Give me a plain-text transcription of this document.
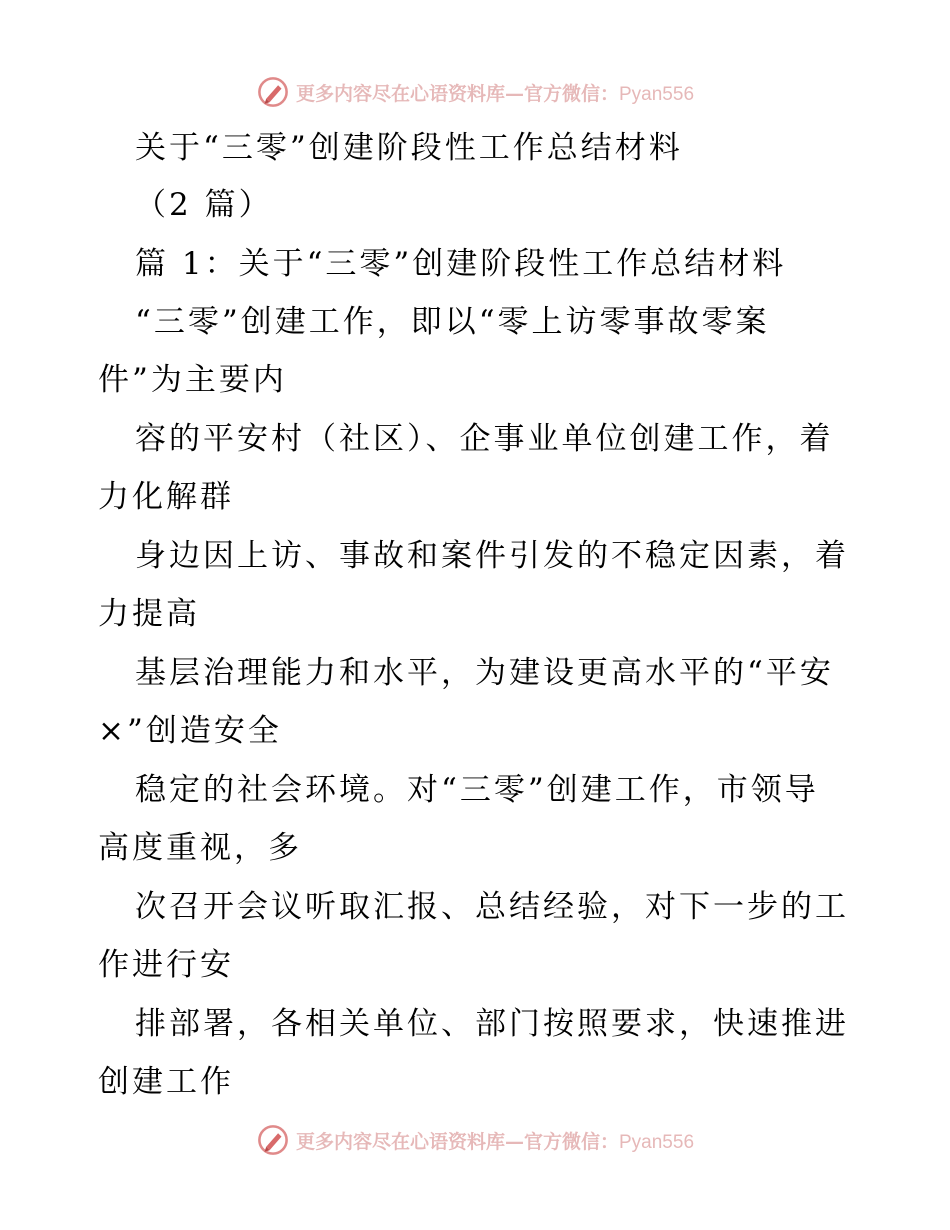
更多内容尽在心语资料库—官方微信：Pyan556
关于“三零”创建阶段性工作总结材料
（2 篇）
篇 1：关于“三零”创建阶段性工作总结材料
“三零”创建工作，即以“零上访零事故零案
件”为主要内
容的平安村（社区）、企事业单位创建工作，着
力化解群
身边因上访、事故和案件引发的不稳定因素，着
力提高
基层治理能力和水平，为建设更高水平的“平安
×”创造安全
稳定的社会环境。对“三零”创建工作，市领导
高度重视，多
次召开会议听取汇报、总结经验，对下一步的工
作进行安
排部署，各相关单位、部门按照要求，快速推进
创建工作
更多内容尽在心语资料库—官方微信：Pyan556
